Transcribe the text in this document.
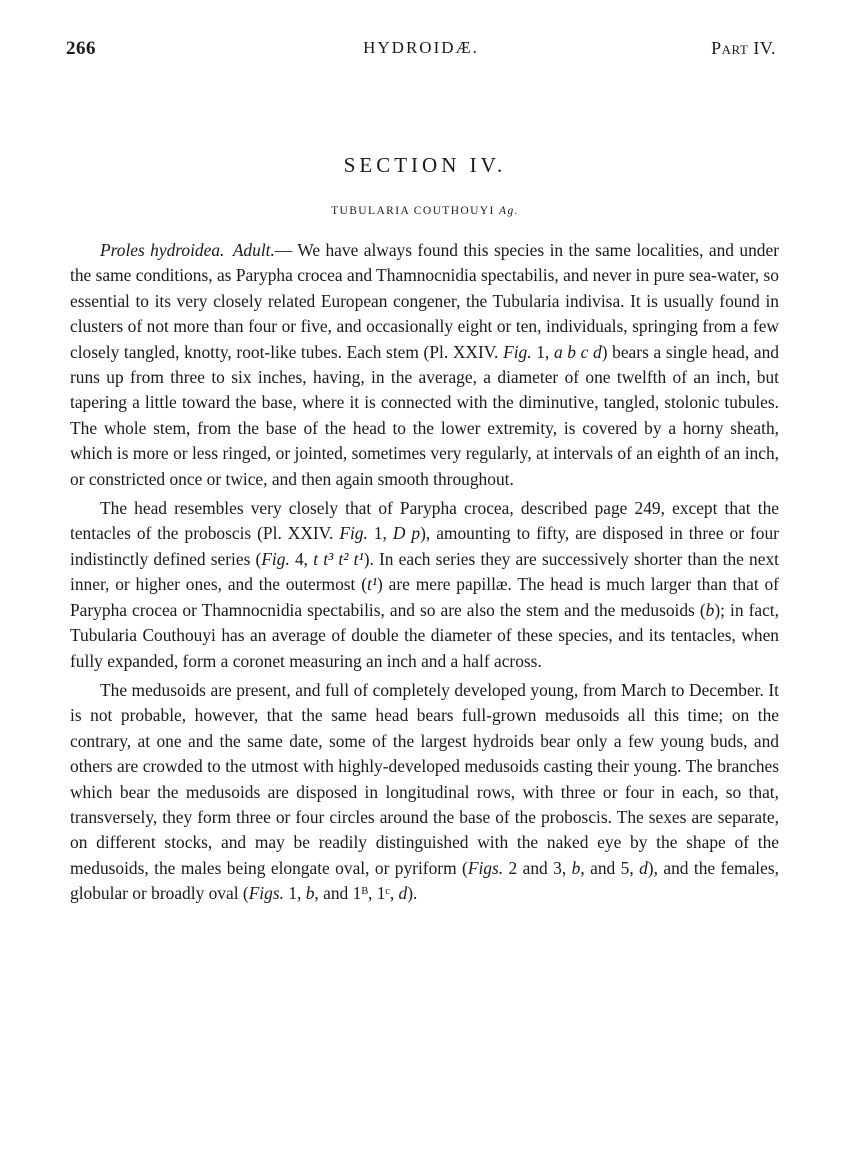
266	HYDROIDÆ.	Part IV.
SECTION IV.
TUBULARIA COUTHOUYI Ag.

Proles hydroidea. Adult.— We have always found this species in the same localities, and under the same conditions, as Parypha crocea and Thamnocnidia spectabilis, and never in pure sea-water, so essential to its very closely related European congener, the Tubularia indivisa. It is usually found in clusters of not more than four or five, and occasionally eight or ten, individuals, springing from a few closely tangled, knotty, root-like tubes. Each stem (Pl. XXIV. Fig. 1, a b c d) bears a single head, and runs up from three to six inches, having, in the average, a diameter of one twelfth of an inch, but tapering a little toward the base, where it is connected with the diminutive, tangled, stolonic tubules. The whole stem, from the base of the head to the lower extremity, is covered by a horny sheath, which is more or less ringed, or jointed, sometimes very regularly, at intervals of an eighth of an inch, or constricted once or twice, and then again smooth throughout.

The head resembles very closely that of Parypha crocea, described page 249, except that the tentacles of the proboscis (Pl. XXIV. Fig. 1, D p), amounting to fifty, are disposed in three or four indistinctly defined series (Fig. 4, t t³ t² t¹). In each series they are successively shorter than the next inner, or higher ones, and the outermost (t¹) are mere papillæ. The head is much larger than that of Parypha crocea or Thamnocnidia spectabilis, and so are also the stem and the medusoids (b); in fact, Tubularia Couthouyi has an average of double the diameter of these species, and its tentacles, when fully expanded, form a coronet measuring an inch and a half across.

The medusoids are present, and full of completely developed young, from March to December. It is not probable, however, that the same head bears full-grown medusoids all this time; on the contrary, at one and the same date, some of the largest hydroids bear only a few young buds, and others are crowded to the utmost with highly-developed medusoids casting their young. The branches which bear the medusoids are disposed in longitudinal rows, with three or four in each, so that, transversely, they form three or four circles around the base of the proboscis. The sexes are separate, on different stocks, and may be readily distinguished with the naked eye by the shape of the medusoids, the males being elongate oval, or pyriform (Figs. 2 and 3, b, and 5, d), and the females, globular or broadly oval (Figs. 1, b, and 1ᴮ, 1ᶜ, d).
